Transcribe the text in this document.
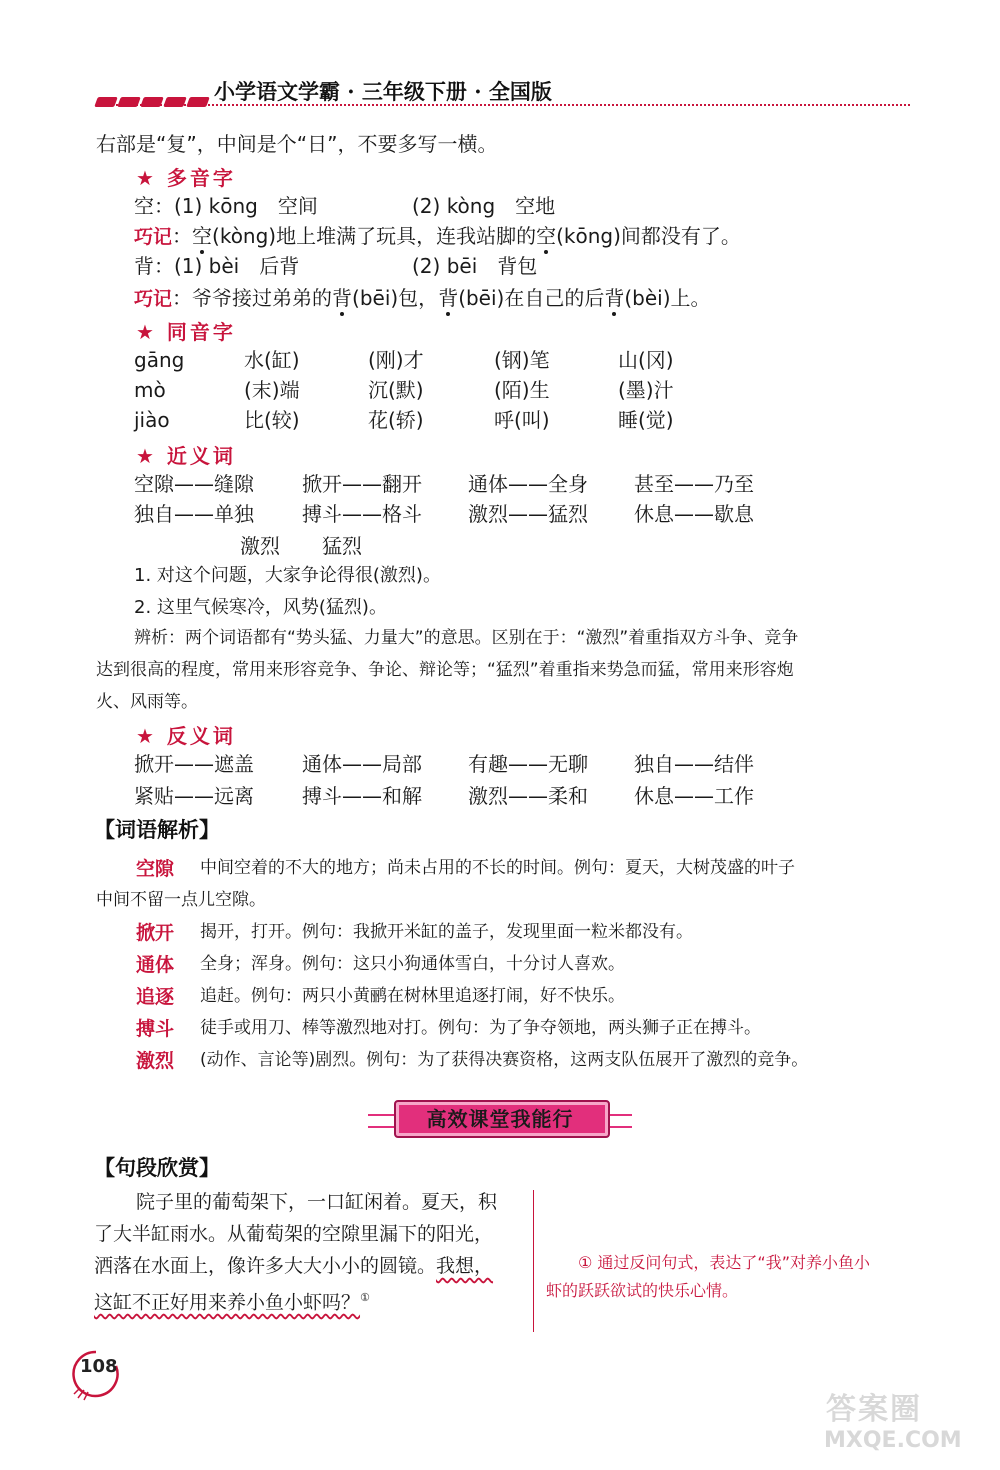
小学语文学霸 · 三年级下册 · 全国版
右部是“复”，中间是个“日”，不要多写一横。
★ 多音字
空：(1) kōng　空间	(2) kòng　空地
巧记：空(kòng)地上堆满了玩具，连我站脚的空(kōng)间都没有了。
背：(1) bèi　后背	(2) bēi　背包
巧记：爷爷接过弟弟的背(bēi)包，背(bēi)在自己的后背(bèi)上。
★ 同音字
gāng	水(缸)	(刚)才	(钢)笔	山(冈)
mò	(末)端	沉(默)	(陌)生	(墨)汁
jiào	比(较)	花(轿)	呼(叫)	睡(觉)
★ 近义词
空隙——缝隙 掀开——翻开 通体——全身 甚至——乃至
独自——单独 搏斗——格斗 激烈——猛烈 休息——歇息
激烈 猛烈
1. 对这个问题，大家争论得很(激烈)。
2. 这里气候寒冷，风势(猛烈)。
辨析：两个词语都有“势头猛、力量大”的意思。区别在于：“激烈”着重指双方斗争、竞争
达到很高的程度，常用来形容竞争、争论、辩论等；“猛烈”着重指来势急而猛，常用来形容炮
火、风雨等。
★ 反义词
掀开——遮盖 通体——局部 有趣——无聊 独自——结伴
紧贴——远离 搏斗——和解 激烈——柔和 休息——工作
【词语解析】
空隙 中间空着的不大的地方；尚未占用的不长的时间。例句：夏天，大树茂盛的叶子
中间不留一点儿空隙。
掀开 揭开，打开。例句：我掀开米缸的盖子，发现里面一粒米都没有。
通体 全身；浑身。例句：这只小狗通体雪白，十分讨人喜欢。
追逐 追赶。例句：两只小黄鹂在树林里追逐打闹，好不快乐。
搏斗 徒手或用刀、棒等激烈地对打。例句：为了争夺领地，两头狮子正在搏斗。
激烈 (动作、言论等)剧烈。例句：为了获得决赛资格，这两支队伍展开了激烈的竞争。
高效课堂我能行
【句段欣赏】
院子里的葡萄架下，一口缸闲着。夏天，积
了大半缸雨水。从葡萄架的空隙里漏下的阳光，
洒落在水面上，像许多大大小小的圆镜。我想，
这缸不正好用来养小鱼小虾吗？①
① 通过反问句式，表达了“我”对养小鱼小
虾的跃跃欲试的快乐心情。
108
答案圈
MXQE.COM
